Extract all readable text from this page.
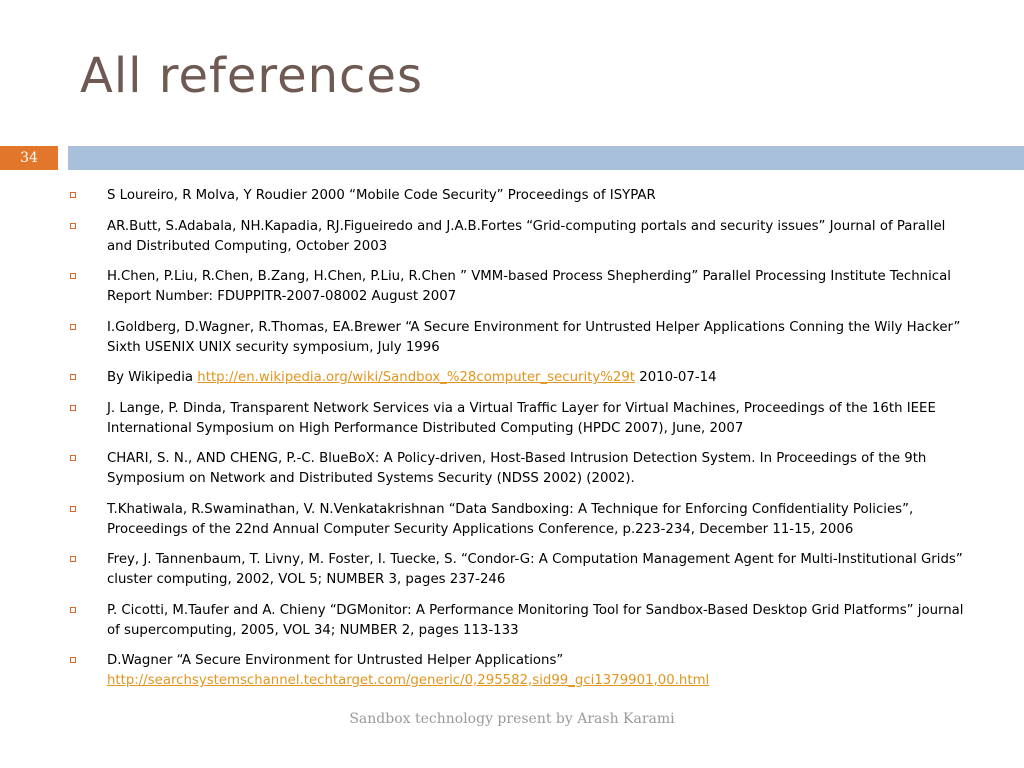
All references
34
S Loureiro, R Molva, Y Roudier 2000 “Mobile Code Security” Proceedings of ISYPAR
AR.Butt, S.Adabala, NH.Kapadia, RJ.Figueiredo and J.A.B.Fortes “Grid-computing portals and security issues” Journal of Parallel and Distributed Computing, October 2003
H.Chen, P.Liu, R.Chen, B.Zang, H.Chen, P.Liu, R.Chen ” VMM-based Process Shepherding” Parallel Processing Institute Technical Report Number: FDUPPITR-2007-08002 August 2007
I.Goldberg, D.Wagner, R.Thomas, EA.Brewer “A Secure Environment for Untrusted Helper Applications Conning the Wily Hacker” Sixth USENIX UNIX security symposium, July 1996
By Wikipedia http://en.wikipedia.org/wiki/Sandbox_%28computer_security%29t 2010-07-14
J. Lange, P. Dinda, Transparent Network Services via a Virtual Traffic Layer for Virtual Machines, Proceedings of the 16th IEEE International Symposium on High Performance Distributed Computing (HPDC 2007), June, 2007
CHARI, S. N., AND CHENG, P.-C. BlueBoX: A Policy-driven, Host-Based Intrusion Detection System. In Proceedings of the 9th Symposium on Network and Distributed Systems Security (NDSS 2002) (2002).
T.Khatiwala, R.Swaminathan, V. N.Venkatakrishnan “Data Sandboxing: A Technique for Enforcing Confidentiality Policies”, Proceedings of the 22nd Annual Computer Security Applications Conference, p.223-234, December 11-15, 2006
Frey, J. Tannenbaum, T. Livny, M. Foster, I. Tuecke, S. “Condor-G: A Computation Management Agent for Multi-Institutional Grids” cluster computing, 2002, VOL 5; NUMBER 3, pages 237-246
P. Cicotti, M.Taufer and A. Chieny “DGMonitor: A Performance Monitoring Tool for Sandbox-Based Desktop Grid Platforms” journal of supercomputing, 2005, VOL 34; NUMBER 2, pages 113-133
D.Wagner “A Secure Environment for Untrusted Helper Applications”
http://searchsystemschannel.techtarget.com/generic/0,295582,sid99_gci1379901,00.html
Sandbox technology present by Arash Karami
